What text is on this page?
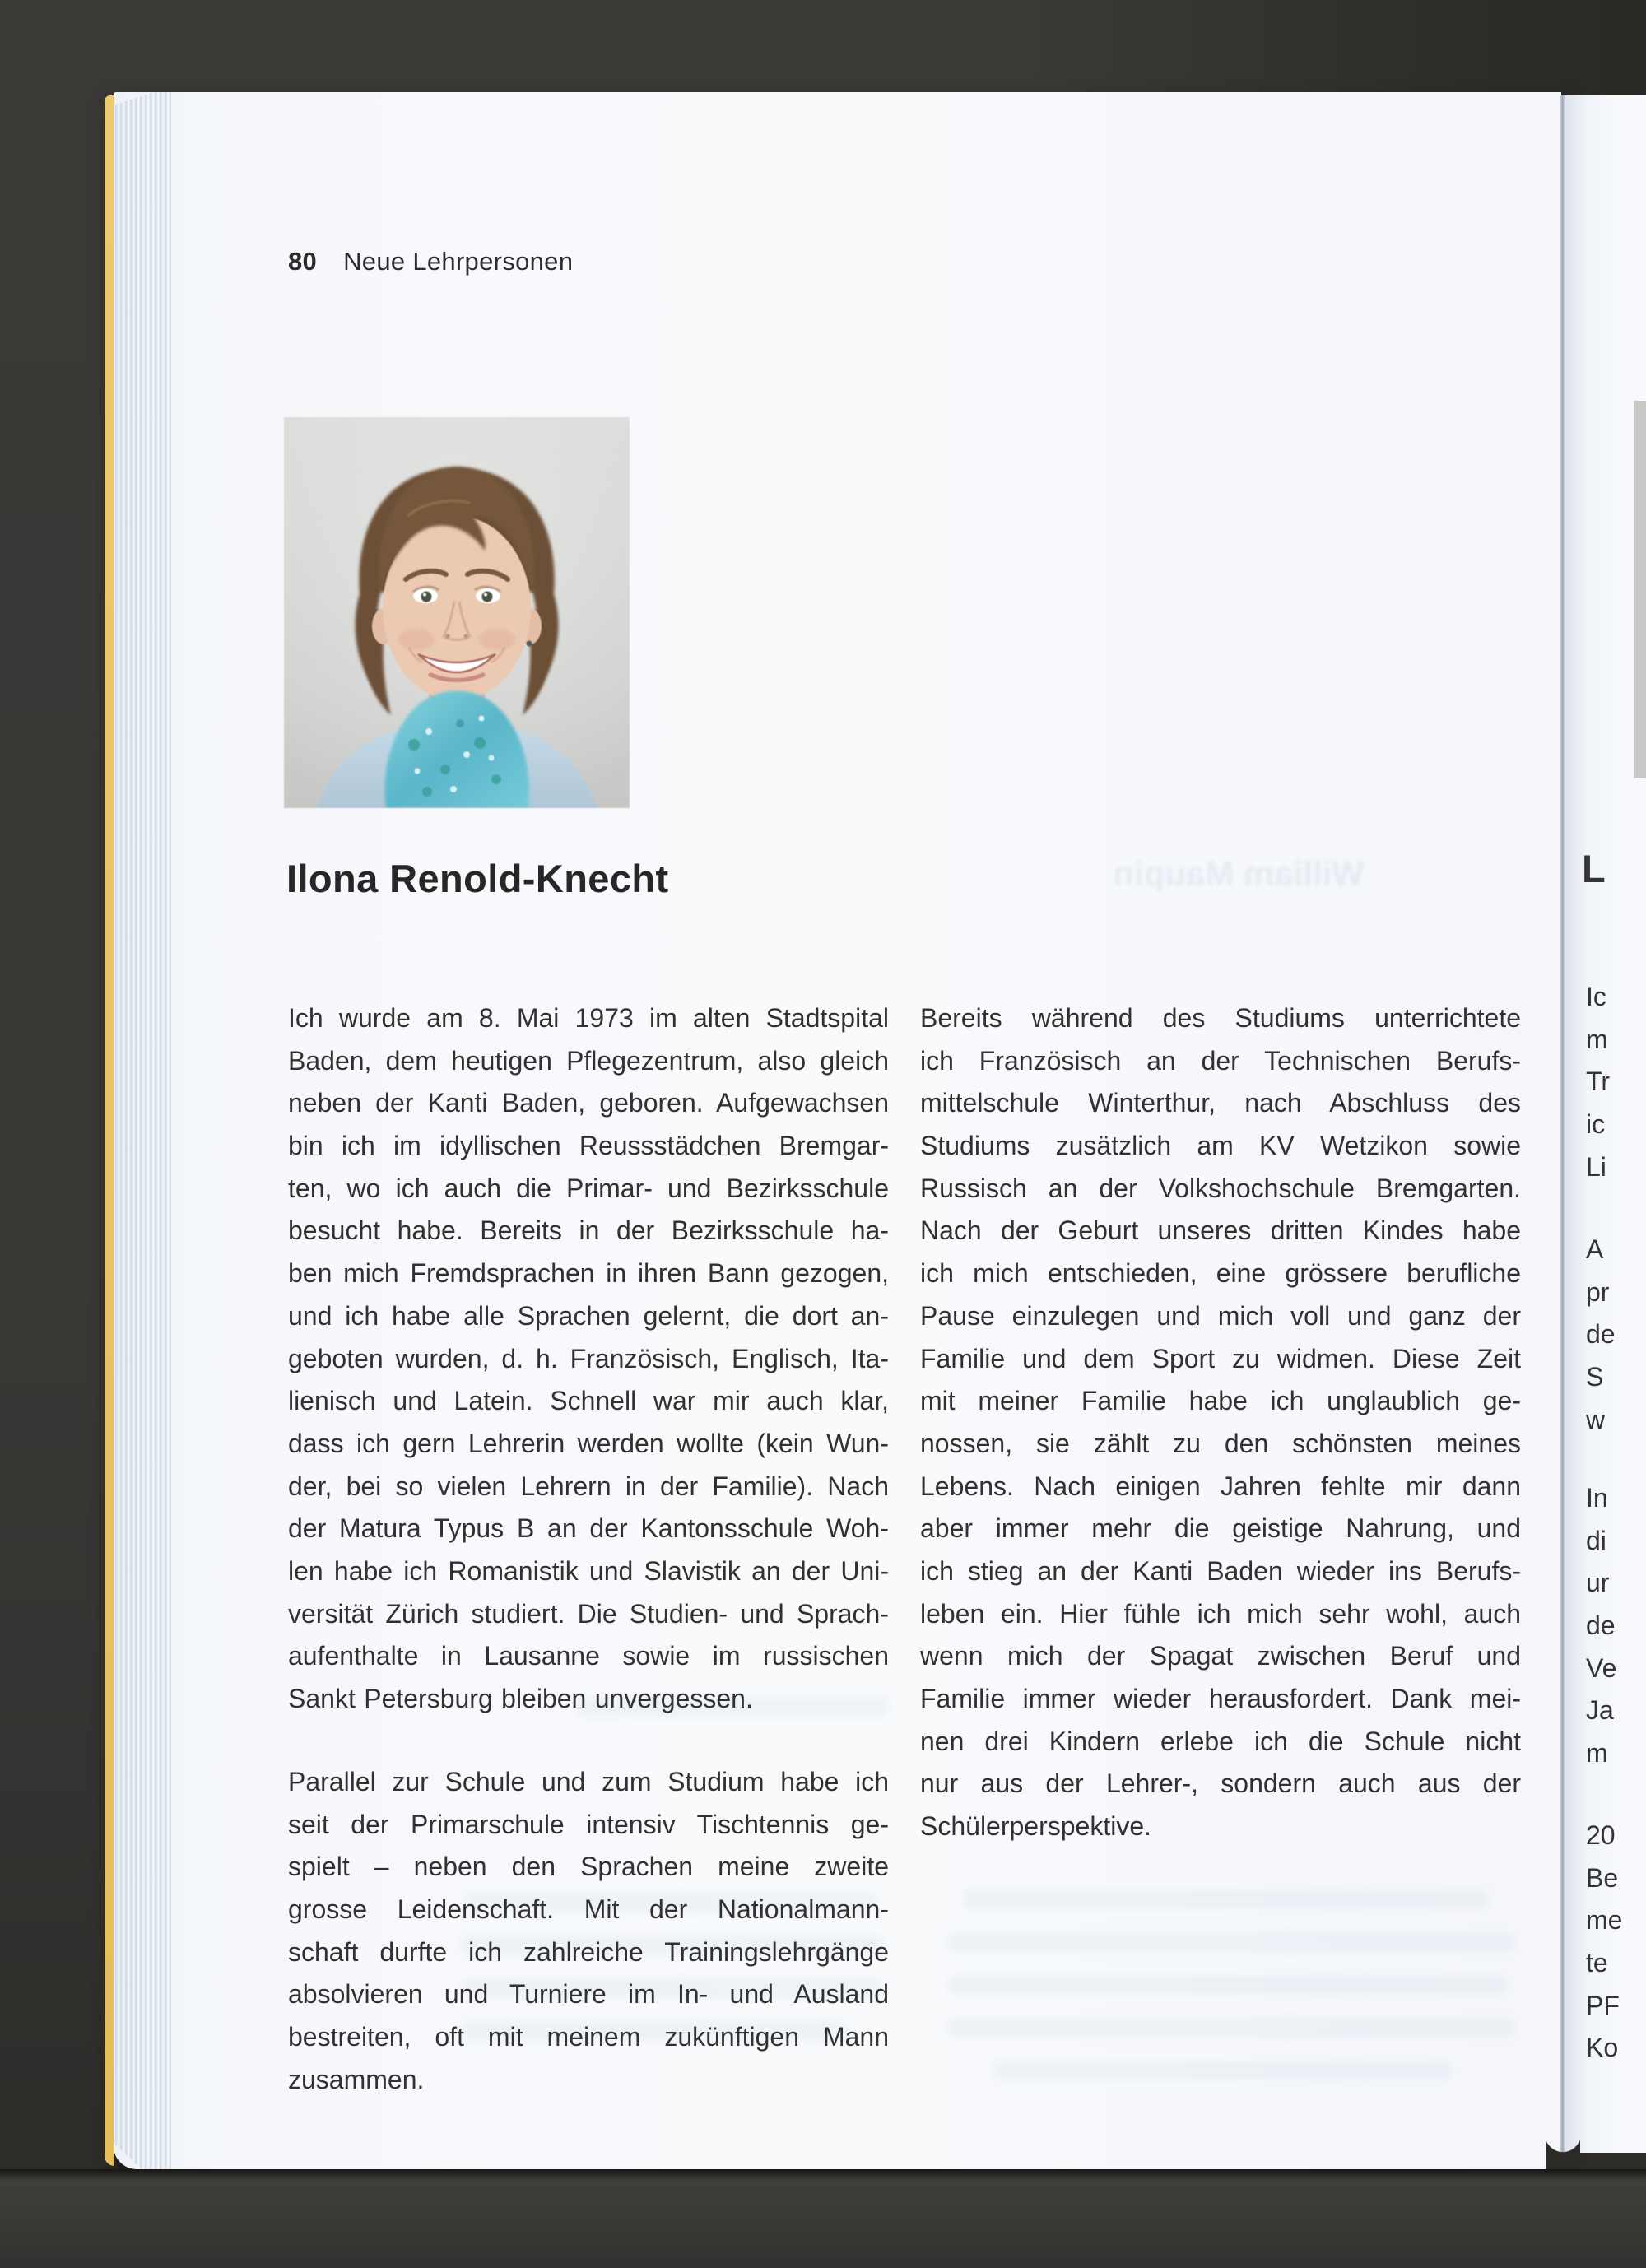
William Maupin
80 Neue Lehrpersonen
Ilona Renold-Knecht
Ich wurde am 8. Mai 1973 im alten Stadtspital
Baden, dem heutigen Pflegezentrum, also gleich
neben der Kanti Baden, geboren. Aufgewachsen
bin ich im idyllischen Reussstädchen Bremgar-
ten, wo ich auch die Primar- und Bezirksschule
besucht habe. Bereits in der Bezirksschule ha-
ben mich Fremdsprachen in ihren Bann gezogen,
und ich habe alle Sprachen gelernt, die dort an-
geboten wurden, d. h. Französisch, Englisch, Ita-
lienisch und Latein. Schnell war mir auch klar,
dass ich gern Lehrerin werden wollte (kein Wun-
der, bei so vielen Lehrern in der Familie). Nach
der Matura Typus B an der Kantonsschule Woh-
len habe ich Romanistik und Slavistik an der Uni-
versität Zürich studiert. Die Studien- und Sprach-
aufenthalte in Lausanne sowie im russischen
Sankt Petersburg bleiben unvergessen.
Parallel zur Schule und zum Studium habe ich
seit der Primarschule intensiv Tischtennis ge-
spielt – neben den Sprachen meine zweite
grosse Leidenschaft. Mit der Nationalmann-
schaft durfte ich zahlreiche Trainingslehrgänge
absolvieren und Turniere im In- und Ausland
bestreiten, oft mit meinem zukünftigen Mann
zusammen.
Bereits während des Studiums unterrichtete
ich Französisch an der Technischen Berufs-
mittelschule Winterthur, nach Abschluss des
Studiums zusätzlich am KV Wetzikon sowie
Russisch an der Volkshochschule Bremgarten.
Nach der Geburt unseres dritten Kindes habe
ich mich entschieden, eine grössere berufliche
Pause einzulegen und mich voll und ganz der
Familie und dem Sport zu widmen. Diese Zeit
mit meiner Familie habe ich unglaublich ge-
nossen, sie zählt zu den schönsten meines
Lebens. Nach einigen Jahren fehlte mir dann
aber immer mehr die geistige Nahrung, und
ich stieg an der Kanti Baden wieder ins Berufs-
leben ein. Hier fühle ich mich sehr wohl, auch
wenn mich der Spagat zwischen Beruf und
Familie immer wieder herausfordert. Dank mei-
nen drei Kindern erlebe ich die Schule nicht
nur aus der Lehrer-, sondern auch aus der
Schülerperspektive.
L
Ic
m
Tr
ic
Li
A
pr
de
S
w
In
di
ur
de
Ve
Ja
m
20
Be
me
te
PF
Ko
